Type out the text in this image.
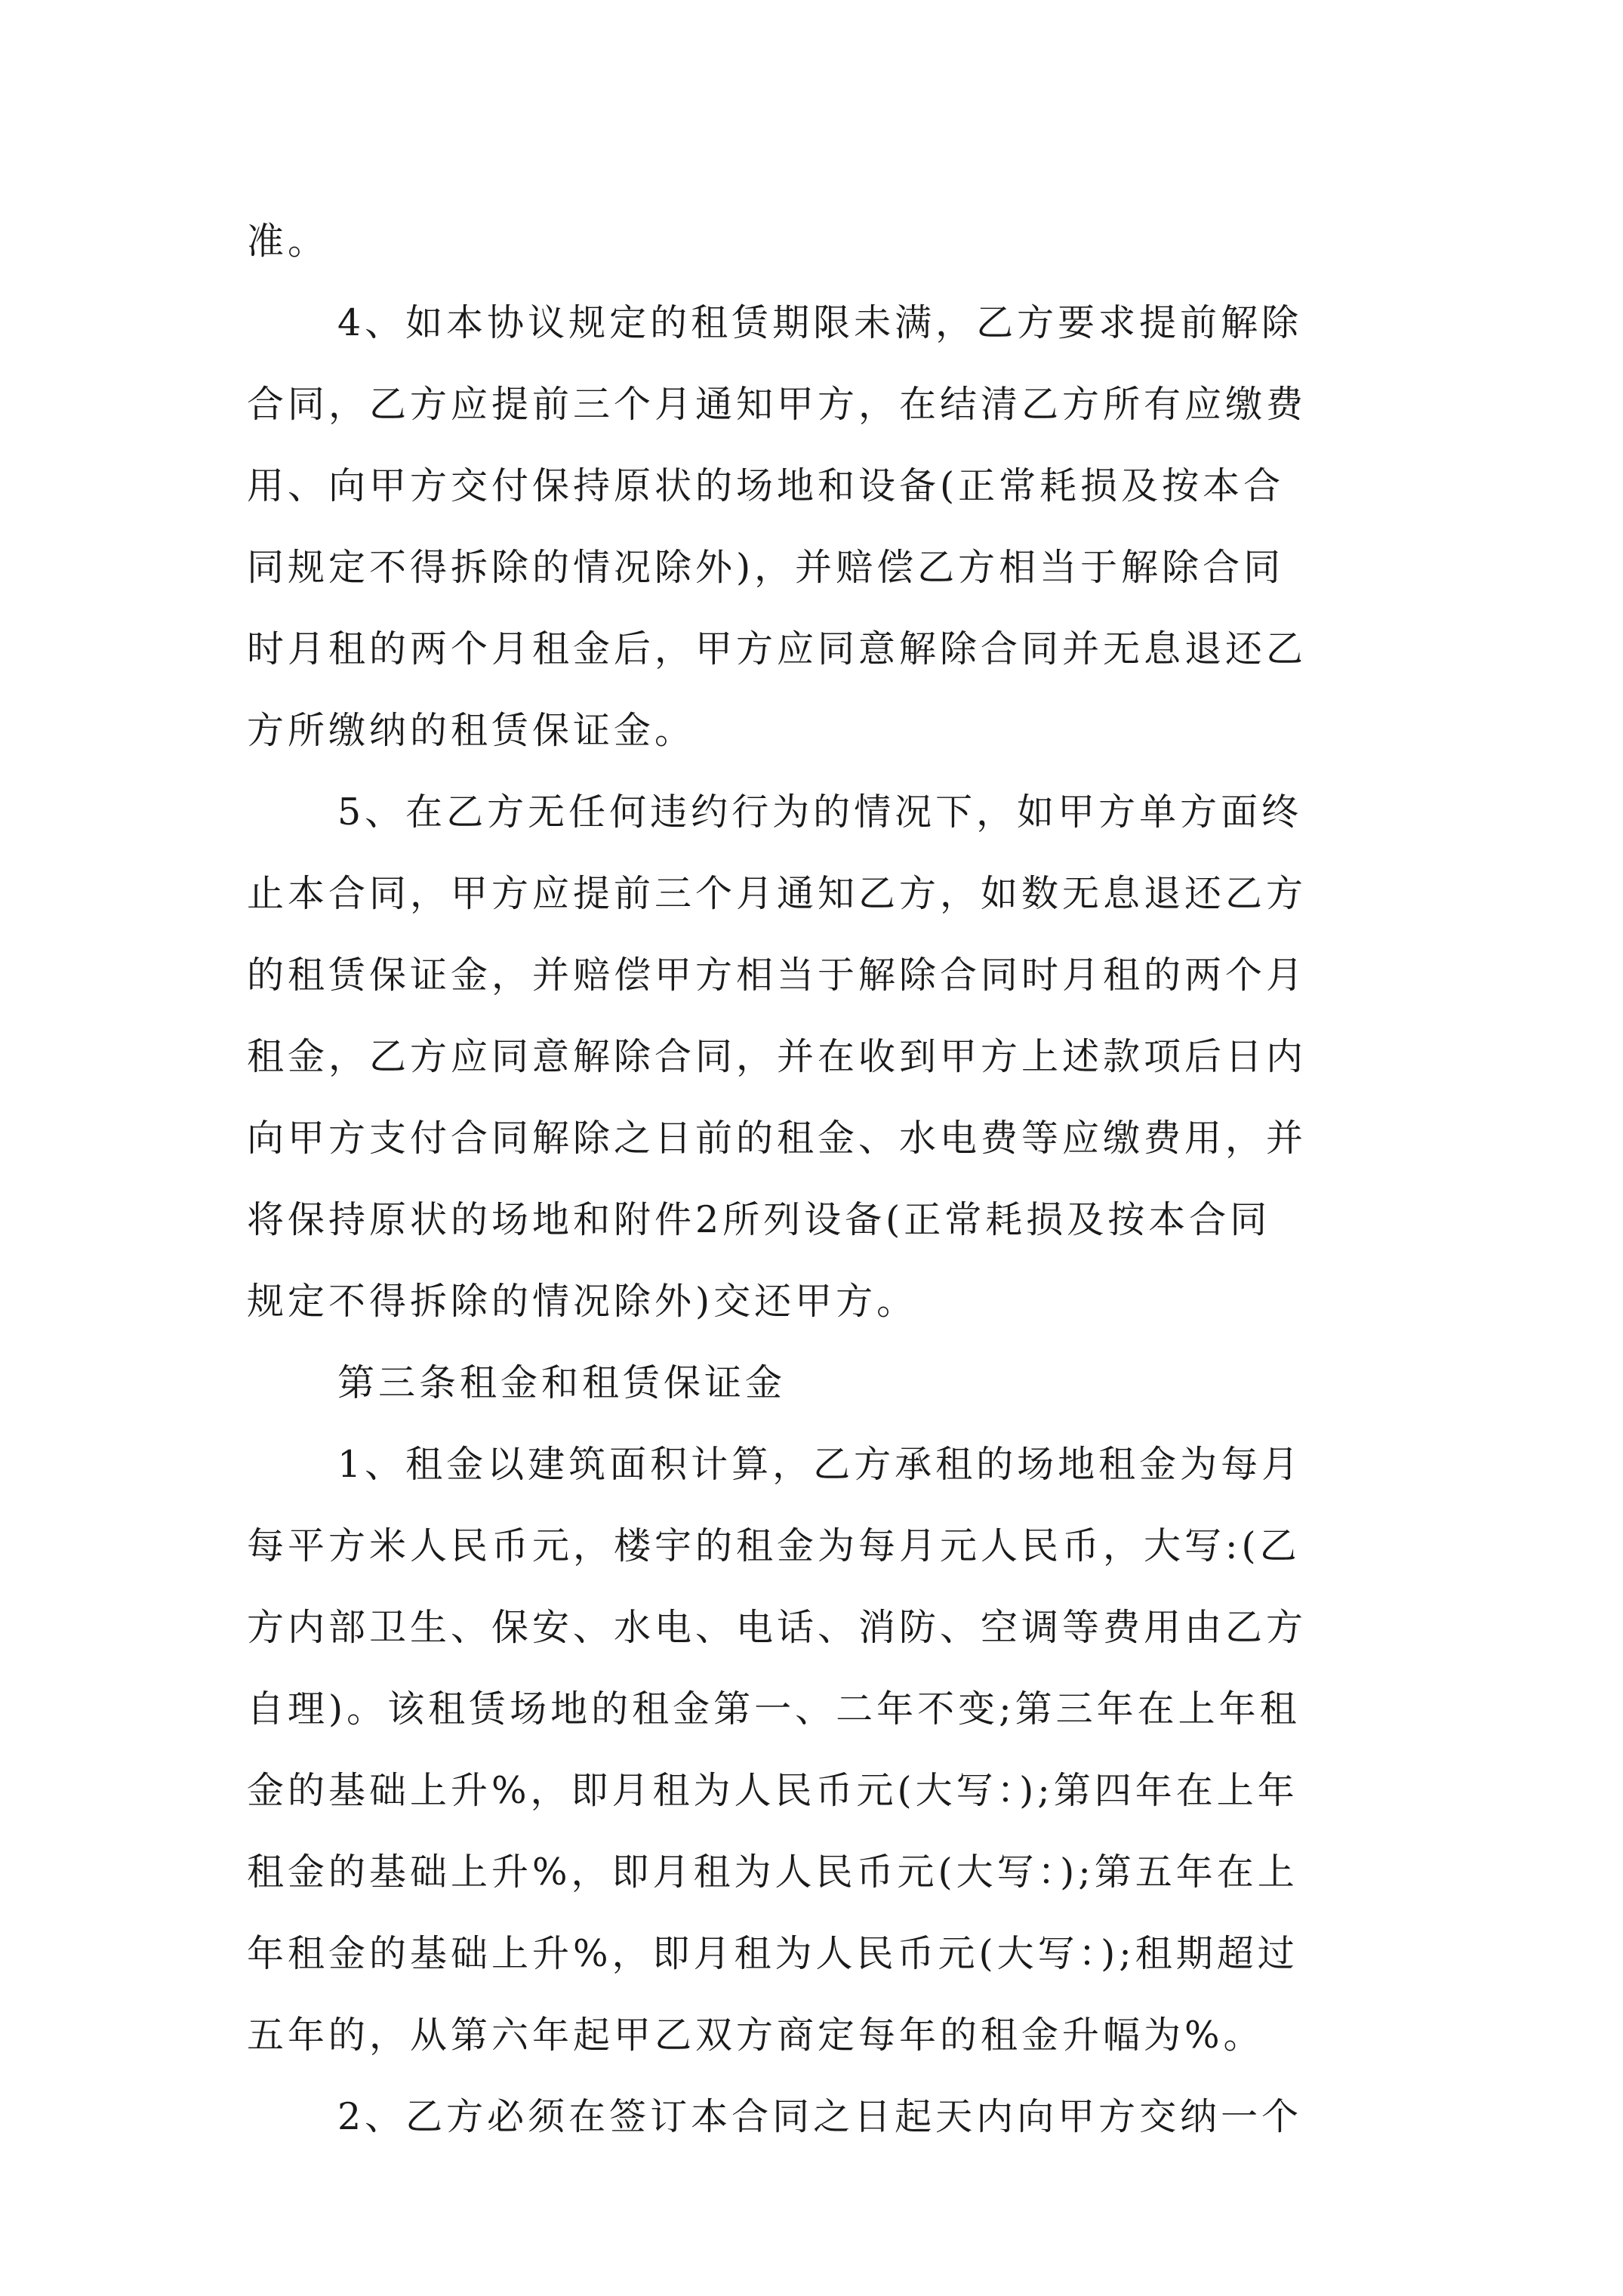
准。
4、如本协议规定的租赁期限未满，乙方要求提前解除
合同，乙方应提前三个月通知甲方，在结清乙方所有应缴费
用、向甲方交付保持原状的场地和设备(正常耗损及按本合
同规定不得拆除的情况除外)，并赔偿乙方相当于解除合同
时月租的两个月租金后，甲方应同意解除合同并无息退还乙
方所缴纳的租赁保证金。
5、在乙方无任何违约行为的情况下，如甲方单方面终
止本合同，甲方应提前三个月通知乙方，如数无息退还乙方
的租赁保证金，并赔偿甲方相当于解除合同时月租的两个月
租金，乙方应同意解除合同，并在收到甲方上述款项后日内
向甲方支付合同解除之日前的租金、水电费等应缴费用，并
将保持原状的场地和附件2所列设备(正常耗损及按本合同
规定不得拆除的情况除外)交还甲方。
第三条租金和租赁保证金
1、租金以建筑面积计算，乙方承租的场地租金为每月
每平方米人民币元，楼宇的租金为每月元人民币，大写:(乙
方内部卫生、保安、水电、电话、消防、空调等费用由乙方
自理)。该租赁场地的租金第一、二年不变;第三年在上年租
金的基础上升%，即月租为人民币元(大写：);第四年在上年
租金的基础上升%，即月租为人民币元(大写：);第五年在上
年租金的基础上升%，即月租为人民币元(大写：);租期超过
五年的，从第六年起甲乙双方商定每年的租金升幅为%。
2、乙方必须在签订本合同之日起天内向甲方交纳一个
